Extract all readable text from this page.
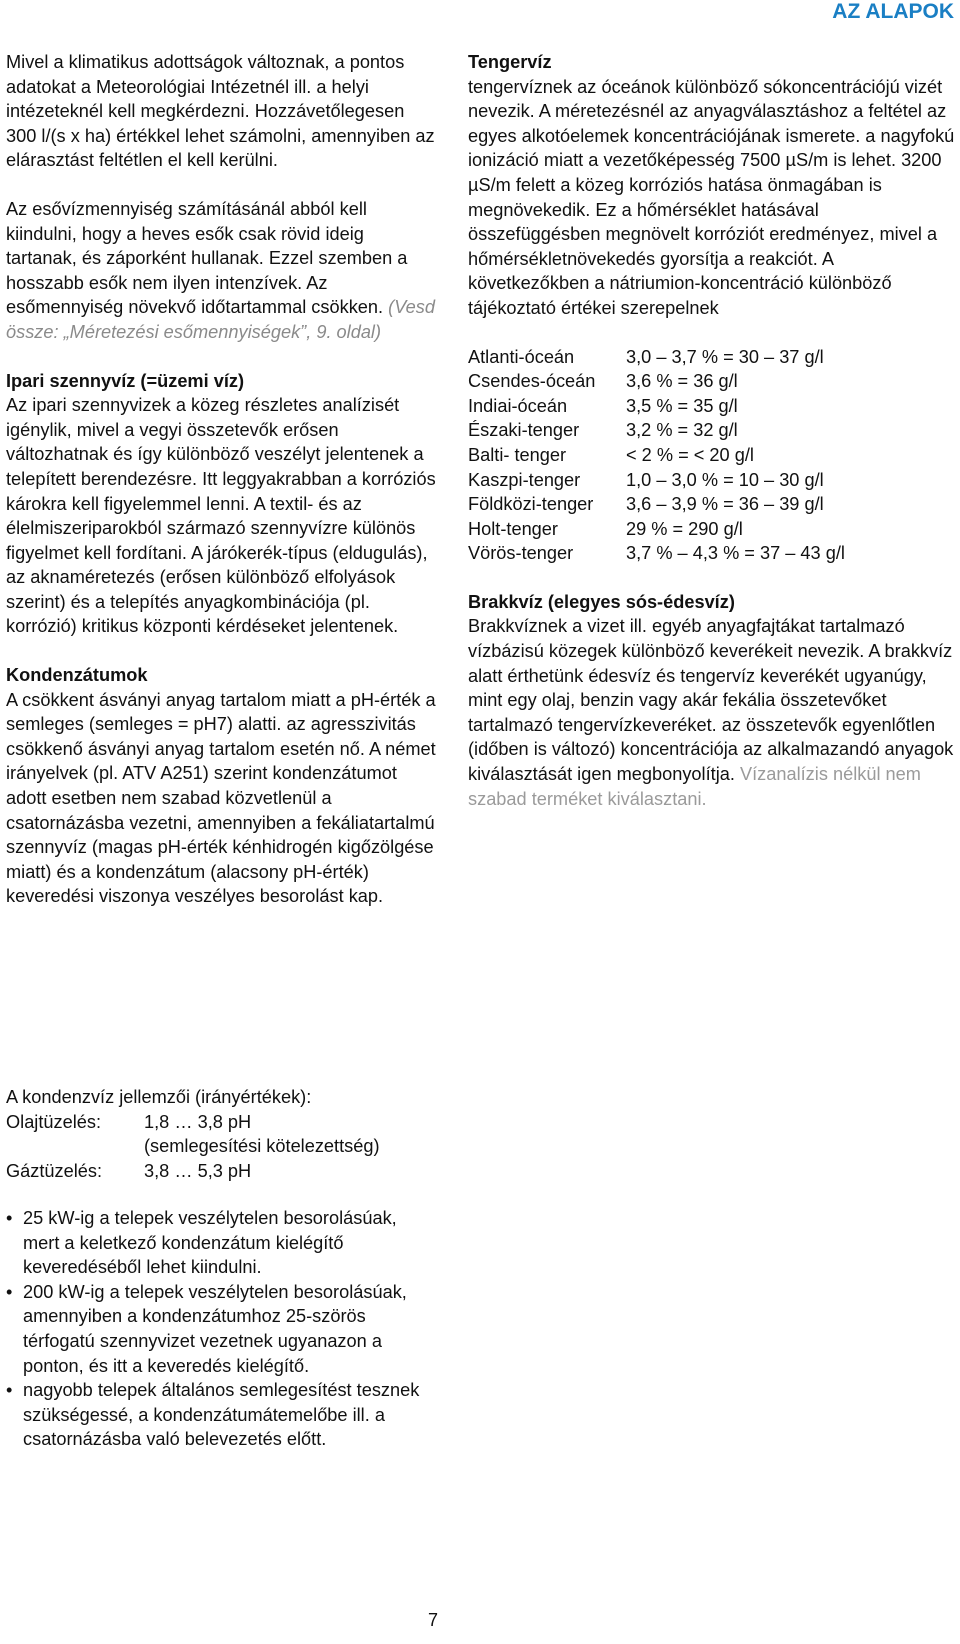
AZ ALAPOK

Mivel a klimatikus adottságok változnak, a pontos adatokat a Meteorológiai Intézetnél ill. a helyi intézeteknél kell megkérdezni. Hozzávetőlegesen 300 l/(s x ha) értékkel lehet számolni, amennyiben az elárasztást feltétlen el kell kerülni.

Az esővízmennyiség számításánál abból kell kiindulni, hogy a heves esők csak rövid ideig tartanak, és záporként hullanak. Ezzel szemben a hosszabb esők nem ilyen intenzívek. Az esőmennyiség növekvő időtartammal csökken. (Vesd össze: „Méretezési esőmennyiségek”, 9. oldal)

Ipari szennyvíz (=üzemi víz)

Az ipari szennyvizek a közeg részletes analízisét igénylik, mivel a vegyi összetevők erősen változhatnak és így különböző veszélyt jelentenek a telepített berendezésre. Itt leggyakrabban a korróziós károkra kell figyelemmel lenni. A textil- és az élelmiszeriparokból származó szennyvízre különös figyelmet kell fordítani. A járókerék-típus (eldugulás), az aknaméretezés (erősen különböző elfolyások szerint) és a telepítés anyagkombinációja (pl. korrózió) kritikus központi kérdéseket jelentenek.

Kondenzátumok

A csökkent ásványi anyag tartalom miatt a pH-érték a semleges (semleges = pH7) alatti. az agresszivitás csökkenő ásványi anyag tartalom esetén nő. A német irányelvek (pl. ATV A251) szerint kondenzátumot adott esetben nem szabad közvetlenül a csatornázásba vezetni, amennyiben a fekáliatartalmú szennyvíz (magas pH-érték kénhidrogén kigőzölgése miatt) és a kondenzátum (alacsony pH-érték) keveredési viszonya veszélyes besorolást kap.

Tengervíz

tengervíznek az óceánok különböző sókoncentrációjú vizét nevezik. A méretezésnél az anyagválasztáshoz a feltétel az egyes alkotóelemek koncentrációjának ismerete. a nagyfokú ionizáció miatt a vezetőképesség 7500 µS/m is lehet. 3200 µS/m felett a közeg korróziós hatása önmagában is megnövekedik. Ez a hőmérséklet hatásával összefüggésben megnövelt korróziót eredményez, mivel a hőmérsékletnövekedés gyorsítja a reakciót. A következőkben a nátriumion-koncentráció különböző tájékoztató értékei szerepelnek

Atlanti-óceán	3,0 – 3,7 % = 30 – 37 g/l
Csendes-óceán	3,6 % = 36 g/l
Indiai-óceán	3,5 % = 35 g/l
Északi-tenger	3,2 % = 32 g/l
Balti- tenger	< 2 % = < 20 g/l
Kaszpi-tenger	1,0 – 3,0 % = 10 – 30 g/l
Földközi-tenger	3,6 – 3,9 % = 36 – 39 g/l
Holt-tenger	29 % = 290 g/l
Vörös-tenger	3,7 % – 4,3 % = 37 – 43 g/l
Brakkvíz (elegyes sós-édesvíz)

Brakkvíznek a vizet ill. egyéb anyagfajtákat tartalmazó vízbázisú közegek különböző keverékeit nevezik. A brakkvíz alatt érthetünk édesvíz és tengervíz keverékét ugyanúgy, mint egy olaj, benzin vagy akár fekália összetevőket tartalmazó tengervízkeveréket. az összetevők egyenlőtlen (időben is változó) koncentrációja az alkalmazandó anyagok kiválasztását igen megbonyolítja. Vízanalízis nélkül nem szabad terméket kiválasztani.

A kondenzvíz jellemzői (irányértékek):

Olajtüzelés:	1,8 … 3,8 pH
	(semlegesítési kötelezettség)
Gáztüzelés:	3,8 … 5,3 pH
• 25 kW-ig a telepek veszélytelen besorolásúak, mert a keletkező kondenzátum kielégítő keveredéséből lehet kiindulni.
• 200 kW-ig a telepek veszélytelen besorolásúak, amennyiben a kondenzátumhoz 25-szörös térfogatú szennyvizet vezetnek ugyanazon a ponton, és itt a keveredés kielégítő.
• nagyobb telepek általános semlegesítést tesznek szükségessé, a kondenzátumátemelőbe ill. a csatornázásba való belevezetés előtt.
7
